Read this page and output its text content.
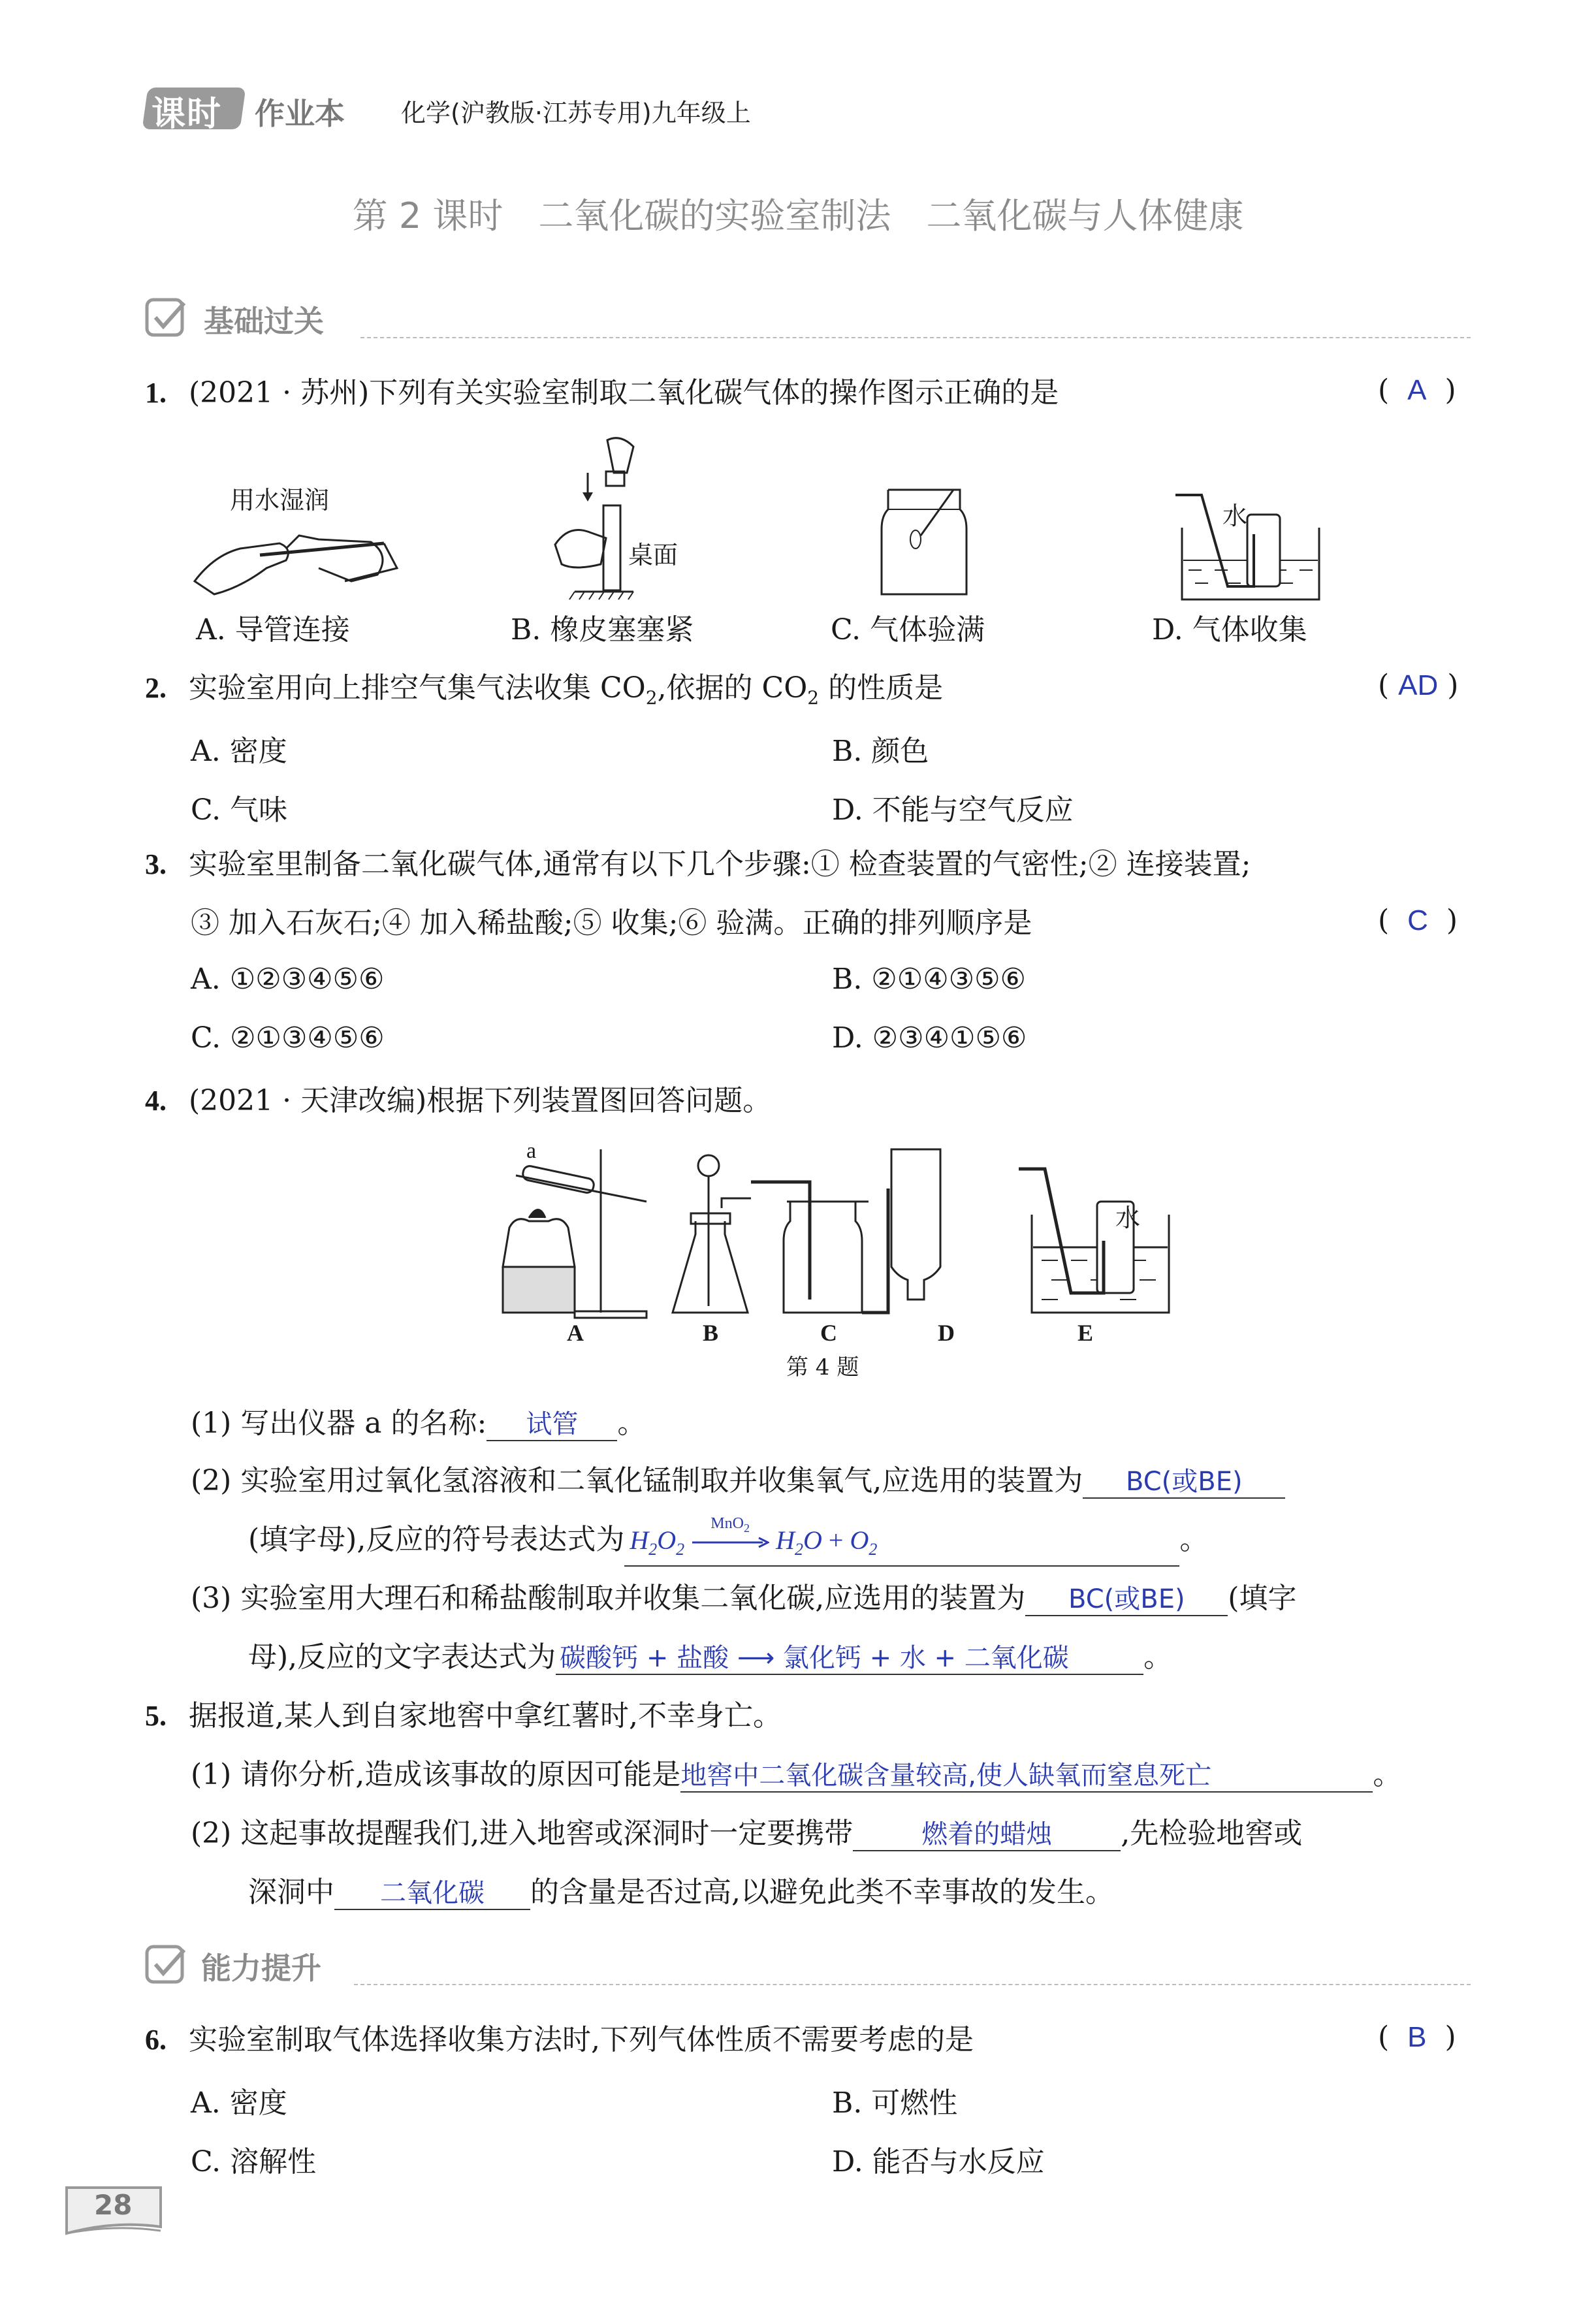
课时 作业本 化学(沪教版·江苏专用)九年级上
第 2 课时　二氧化碳的实验室制法　二氧化碳与人体健康
基础过关
1. (2021 · 苏州)下列有关实验室制取二氧化碳气体的操作图示正确的是	(  A  )
用水湿润
桌面
水
A. 导管连接	B. 橡皮塞塞紧	C. 气体验满	D. 气体收集
2. 实验室用向上排空气集气法收集 $CO_2$,依据的 $CO_2$ 的性质是	( AD )
A. 密度	B. 颜色
C. 气味	D. 不能与空气反应
3. 实验室里制备二氧化碳气体,通常有以下几个步骤:① 检查装置的气密性;② 连接装置;
③ 加入石灰石;④ 加入稀盐酸;⑤ 收集;⑥ 验满。正确的排列顺序是	(  C  )
A. ①②③④⑤⑥	B. ②①④③⑤⑥
C. ②①③④⑤⑥	D. ②③④①⑤⑥
4. (2021 · 天津改编)根据下列装置图回答问题。
a
水
A	B	C	D	E
第 4 题
(1) 写出仪器 a 的名称: 试管 。
(2) 实验室用过氧化氢溶液和二氧化锰制取并收集氧气,应选用的装置为 BC(或BE)
(填字母),反应的符号表达式为 $H_2O_2$
MnO$_2$	$H_2O + O_2$	。
(3) 实验室用大理石和稀盐酸制取并收集二氧化碳,应选用的装置为 BC(或BE) (填字
母),反应的文字表达式为 碳酸钙 + 盐酸 ⟶ 氯化钙 + 水 + 二氧化碳	。
5. 据报道,某人到自家地窖中拿红薯时,不幸身亡。
(1) 请你分析,造成该事故的原因可能是地窖中二氧化碳含量较高,使人缺氧而窒息死亡	。
(2) 这起事故提醒我们,进入地窖或深洞时一定要携带	燃着的蜡烛 ,先检验地窖或
深洞中 二氧化碳 的含量是否过高,以避免此类不幸事故的发生。
能力提升
6. 实验室制取气体选择收集方法时,下列气体性质不需要考虑的是	(  B  )
A. 密度	B. 可燃性
C. 溶解性	D. 能否与水反应
28
